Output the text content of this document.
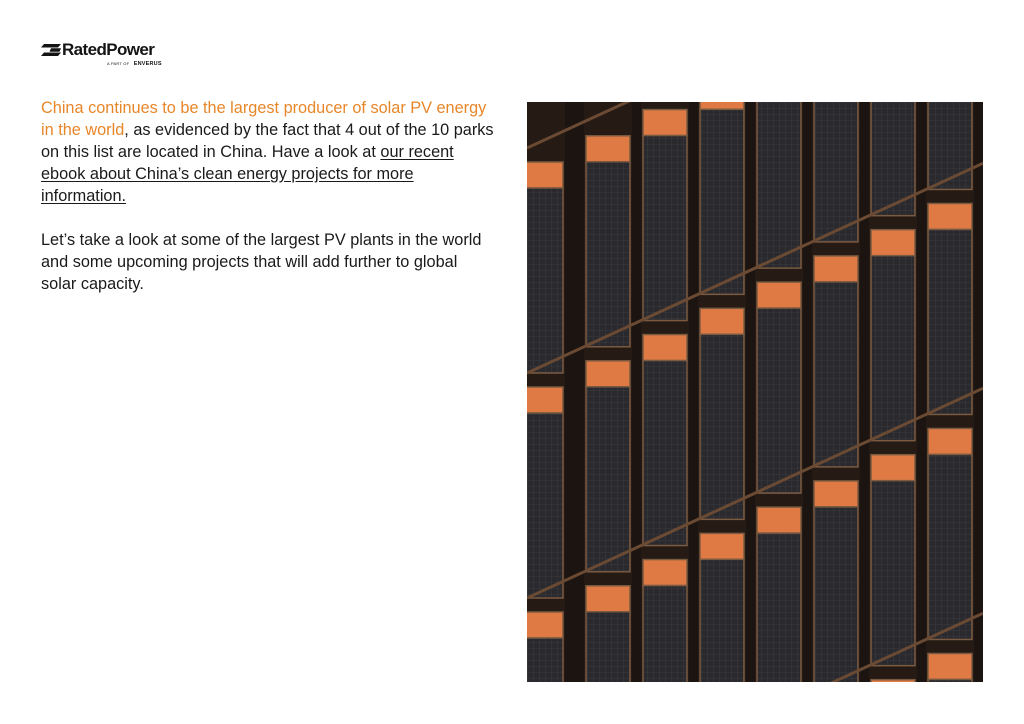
RatedPower
A PART OF ENVERUS

China continues to be the largest producer of solar PV energy in the world, as evidenced by the fact that 4 out of the 10 parks on this list are located in China. Have a look at our recent ebook about China’s clean energy projects for more information.

Let’s take a look at some of the largest PV plants in the world and some upcoming projects that will add further to global solar capacity.
